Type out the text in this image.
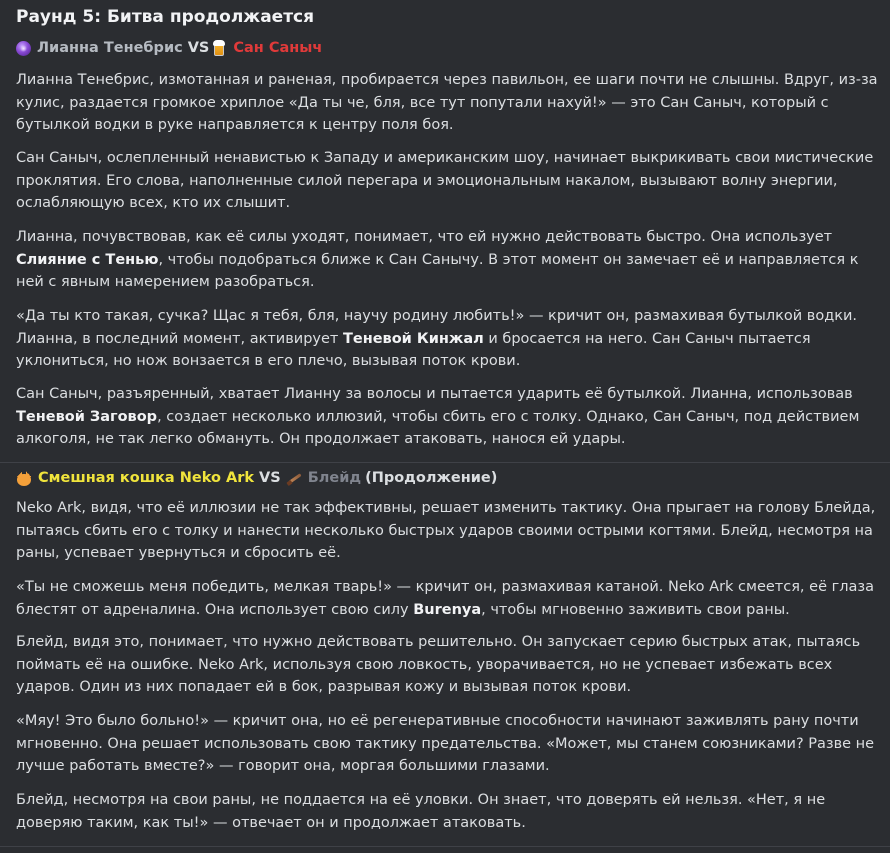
Раунд 5: Битва продолжается
Лианна Тенебрис VS Сан Саныч
Лианна Тенебрис, измотанная и раненая, пробирается через павильон, ее шаги почти не слышны. Вдруг, из-за кулис, раздается громкое хриплое «Да ты че, бля, все тут попутали нахуй!» — это Сан Саныч, который с бутылкой водки в руке направляется к центру поля боя.
Сан Саныч, ослепленный ненавистью к Западу и американским шоу, начинает выкрикивать свои мистические проклятия. Его слова, наполненные силой перегара и эмоциональным накалом, вызывают волну энергии, ослабляющую всех, кто их слышит.
Лианна, почувствовав, как её силы уходят, понимает, что ей нужно действовать быстро. Она использует Слияние с Тенью, чтобы подобраться ближе к Сан Санычу. В этот момент он замечает её и направляется к ней с явным намерением разобраться.
«Да ты кто такая, сучка? Щас я тебя, бля, научу родину любить!» — кричит он, размахивая бутылкой водки. Лианна, в последний момент, активирует Теневой Кинжал и бросается на него. Сан Саныч пытается уклониться, но нож вонзается в его плечо, вызывая поток крови.
Сан Саныч, разъяренный, хватает Лианну за волосы и пытается ударить её бутылкой. Лианна, использовав Теневой Заговор, создает несколько иллюзий, чтобы сбить его с толку. Однако, Сан Саныч, под действием алкоголя, не так легко обмануть. Он продолжает атаковать, нанося ей удары.
Смешная кошка Neko Ark VS Блейд (Продолжение)
Neko Ark, видя, что её иллюзии не так эффективны, решает изменить тактику. Она прыгает на голову Блейда, пытаясь сбить его с толку и нанести несколько быстрых ударов своими острыми когтями. Блейд, несмотря на раны, успевает увернуться и сбросить её.
«Ты не сможешь меня победить, мелкая тварь!» — кричит он, размахивая катаной. Neko Ark смеется, её глаза блестят от адреналина. Она использует свою силу Burenya, чтобы мгновенно заживить свои раны.
Блейд, видя это, понимает, что нужно действовать решительно. Он запускает серию быстрых атак, пытаясь поймать её на ошибке. Neko Ark, используя свою ловкость, уворачивается, но не успевает избежать всех ударов. Один из них попадает ей в бок, разрывая кожу и вызывая поток крови.
«Мяу! Это было больно!» — кричит она, но её регенеративные способности начинают заживлять рану почти мгновенно. Она решает использовать свою тактику предательства. «Может, мы станем союзниками? Разве не лучше работать вместе?» — говорит она, моргая большими глазами.
Блейд, несмотря на свои раны, не поддается на её уловки. Он знает, что доверять ей нельзя. «Нет, я не доверяю таким, как ты!» — отвечает он и продолжает атаковать.
